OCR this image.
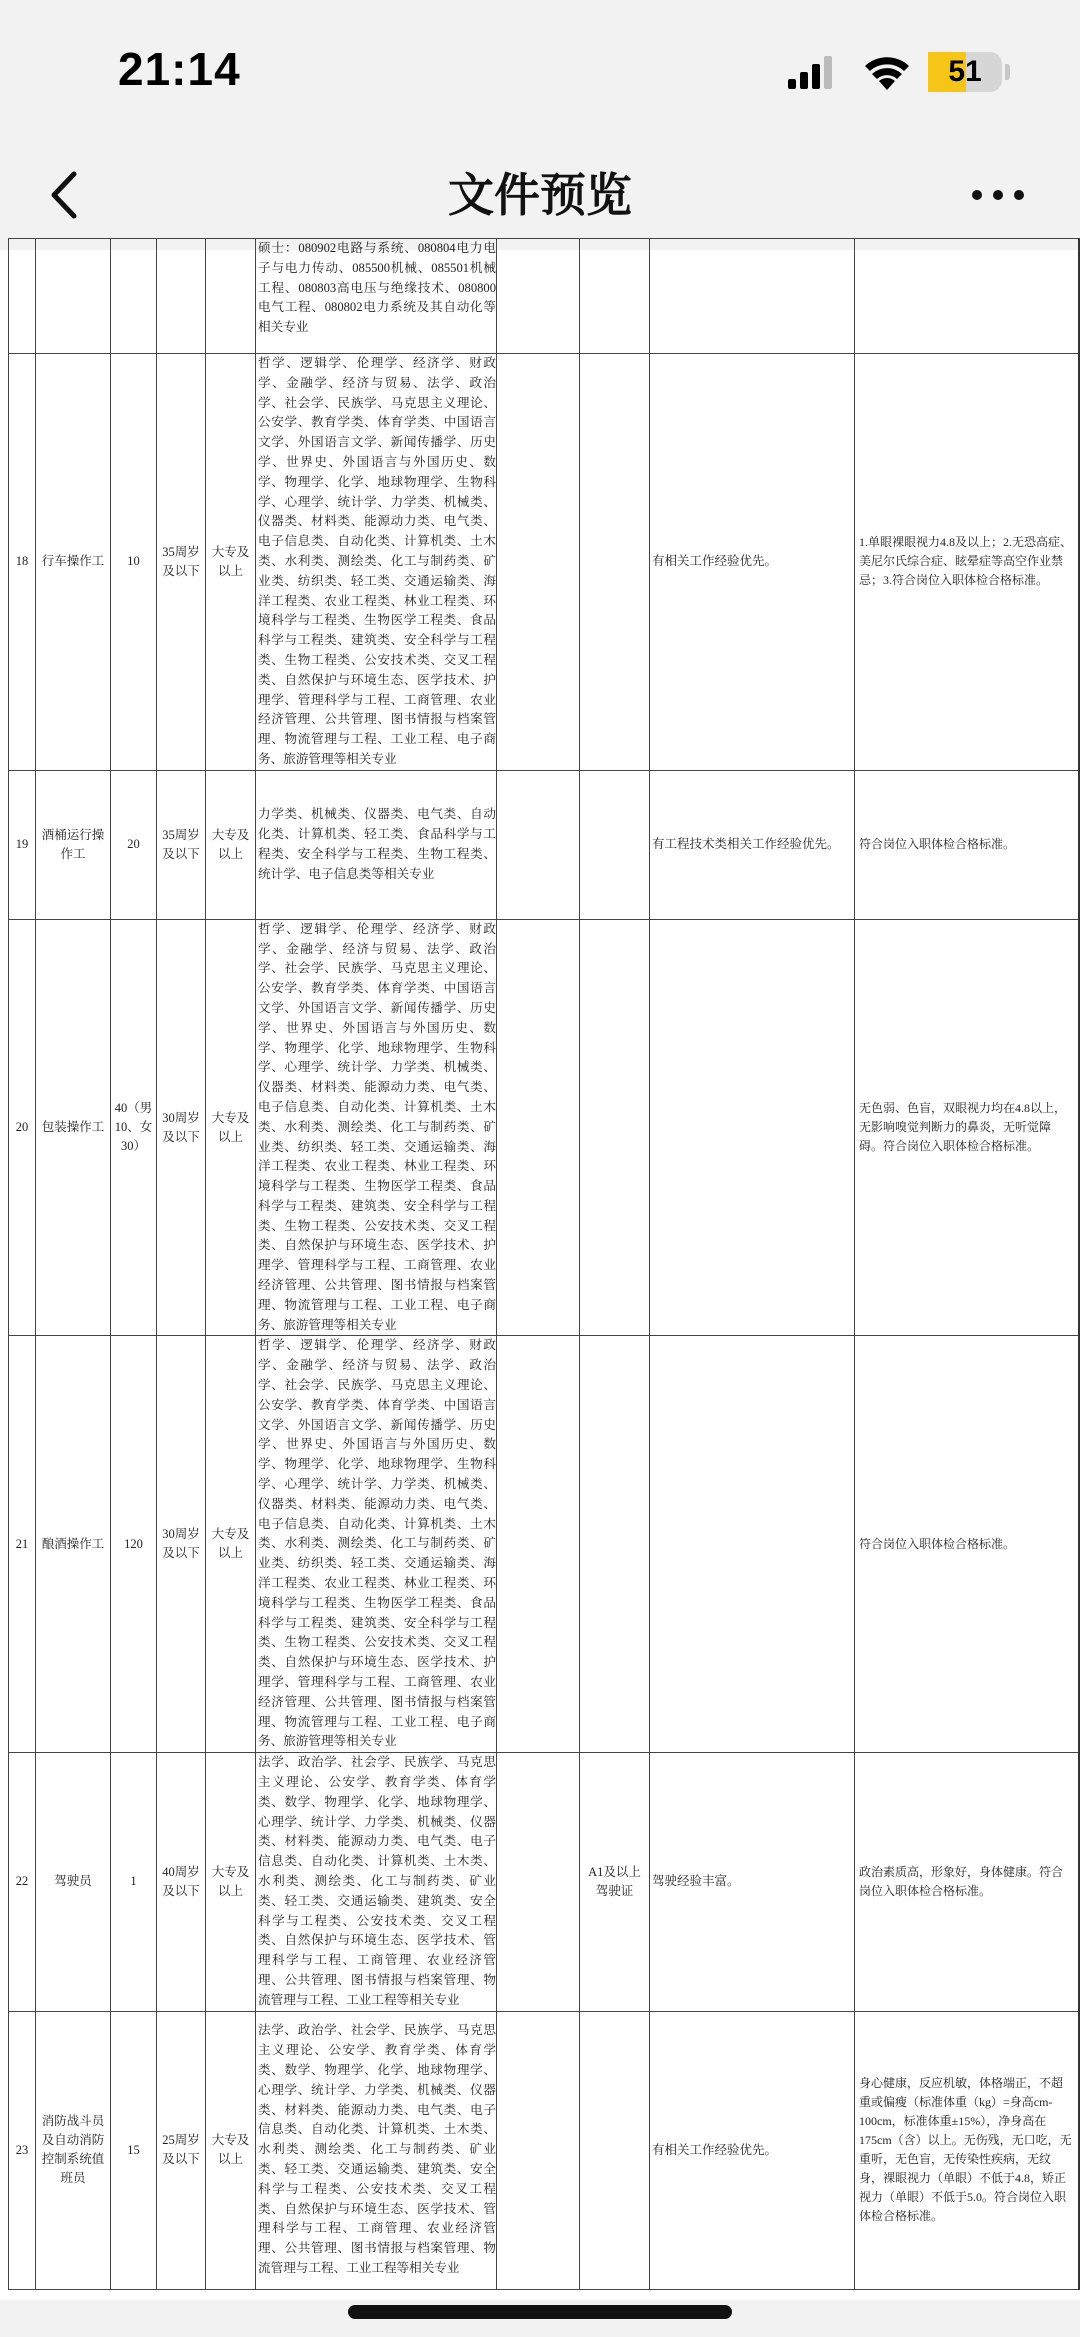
21:14	51
文件预览
					硕士：080902电路与系统、080804电力电子与电力传动、085500机械、085501机械工程、080803高电压与绝缘技术、080800电气工程、080802电力系统及其自动化等相关专业				
18	行车操作工	10	35周岁及以下	大专及以上	哲学、逻辑学、伦理学、经济学、财政学、金融学、经济与贸易、法学、政治学、社会学、民族学、马克思主义理论、公安学、教育学类、体育学类、中国语言文学、外国语言文学、新闻传播学、历史学、世界史、外国语言与外国历史、数学、物理学、化学、地球物理学、生物科学、心理学、统计学、力学类、机械类、仪器类、材料类、能源动力类、电气类、电子信息类、自动化类、计算机类、土木类、水利类、测绘类、化工与制药类、矿业类、纺织类、轻工类、交通运输类、海洋工程类、农业工程类、林业工程类、环境科学与工程类、生物医学工程类、食品科学与工程类、建筑类、安全科学与工程类、生物工程类、公安技术类、交叉工程类、自然保护与环境生态、医学技术、护理学、管理科学与工程、工商管理、农业经济管理、公共管理、图书情报与档案管理、物流管理与工程、工业工程、电子商务、旅游管理等相关专业			有相关工作经验优先。	1.单眼裸眼视力4.8及以上；2.无恐高症、美尼尔氏综合症、眩晕症等高空作业禁忌；3.符合岗位入职体检合格标准。
19	酒桶运行操作工	20	35周岁及以下	大专及以上	力学类、机械类、仪器类、电气类、自动化类、计算机类、轻工类、食品科学与工程类、安全科学与工程类、生物工程类、统计学、电子信息类等相关专业			有工程技术类相关工作经验优先。	符合岗位入职体检合格标准。
20	包装操作工	40（男10、女30）	30周岁及以下	大专及以上	哲学、逻辑学、伦理学、经济学、财政学、金融学、经济与贸易、法学、政治学、社会学、民族学、马克思主义理论、公安学、教育学类、体育学类、中国语言文学、外国语言文学、新闻传播学、历史学、世界史、外国语言与外国历史、数学、物理学、化学、地球物理学、生物科学、心理学、统计学、力学类、机械类、仪器类、材料类、能源动力类、电气类、电子信息类、自动化类、计算机类、土木类、水利类、测绘类、化工与制药类、矿业类、纺织类、轻工类、交通运输类、海洋工程类、农业工程类、林业工程类、环境科学与工程类、生物医学工程类、食品科学与工程类、建筑类、安全科学与工程类、生物工程类、公安技术类、交叉工程类、自然保护与环境生态、医学技术、护理学、管理科学与工程、工商管理、农业经济管理、公共管理、图书情报与档案管理、物流管理与工程、工业工程、电子商务、旅游管理等相关专业				无色弱、色盲，双眼视力均在4.8以上，无影响嗅觉判断力的鼻炎，无听觉障碍。符合岗位入职体检合格标准。
21	酿酒操作工	120	30周岁及以下	大专及以上	哲学、逻辑学、伦理学、经济学、财政学、金融学、经济与贸易、法学、政治学、社会学、民族学、马克思主义理论、公安学、教育学类、体育学类、中国语言文学、外国语言文学、新闻传播学、历史学、世界史、外国语言与外国历史、数学、物理学、化学、地球物理学、生物科学、心理学、统计学、力学类、机械类、仪器类、材料类、能源动力类、电气类、电子信息类、自动化类、计算机类、土木类、水利类、测绘类、化工与制药类、矿业类、纺织类、轻工类、交通运输类、海洋工程类、农业工程类、林业工程类、环境科学与工程类、生物医学工程类、食品科学与工程类、建筑类、安全科学与工程类、生物工程类、公安技术类、交叉工程类、自然保护与环境生态、医学技术、护理学、管理科学与工程、工商管理、农业经济管理、公共管理、图书情报与档案管理、物流管理与工程、工业工程、电子商务、旅游管理等相关专业				符合岗位入职体检合格标准。
22	驾驶员	1	40周岁及以下	大专及以上	法学、政治学、社会学、民族学、马克思主义理论、公安学、教育学类、体育学类、数学、物理学、化学、地球物理学、心理学、统计学、力学类、机械类、仪器类、材料类、能源动力类、电气类、电子信息类、自动化类、计算机类、土木类、水利类、测绘类、化工与制药类、矿业类、轻工类、交通运输类、建筑类、安全科学与工程类、公安技术类、交叉工程类、自然保护与环境生态、医学技术、管理科学与工程、工商管理、农业经济管理、公共管理、图书情报与档案管理、物流管理与工程、工业工程等相关专业		A1及以上驾驶证	驾驶经验丰富。	政治素质高，形象好，身体健康。符合岗位入职体检合格标准。
23	消防战斗员及自动消防控制系统值班员	15	25周岁及以下	大专及以上	法学、政治学、社会学、民族学、马克思主义理论、公安学、教育学类、体育学类、数学、物理学、化学、地球物理学、心理学、统计学、力学类、机械类、仪器类、材料类、能源动力类、电气类、电子信息类、自动化类、计算机类、土木类、水利类、测绘类、化工与制药类、矿业类、轻工类、交通运输类、建筑类、安全科学与工程类、公安技术类、交叉工程类、自然保护与环境生态、医学技术、管理科学与工程、工商管理、农业经济管理、公共管理、图书情报与档案管理、物流管理与工程、工业工程等相关专业			有相关工作经验优先。	身心健康，反应机敏，体格端正，不超重或偏瘦（标准体重（kg）=身高cm-100cm，标准体重±15%），净身高在175cm（含）以上。无伤残，无口吃，无重听，无色盲，无传染性疾病，无纹身，裸眼视力（单眼）不低于4.8，矫正视力（单眼）不低于5.0。符合岗位入职体检合格标准。
